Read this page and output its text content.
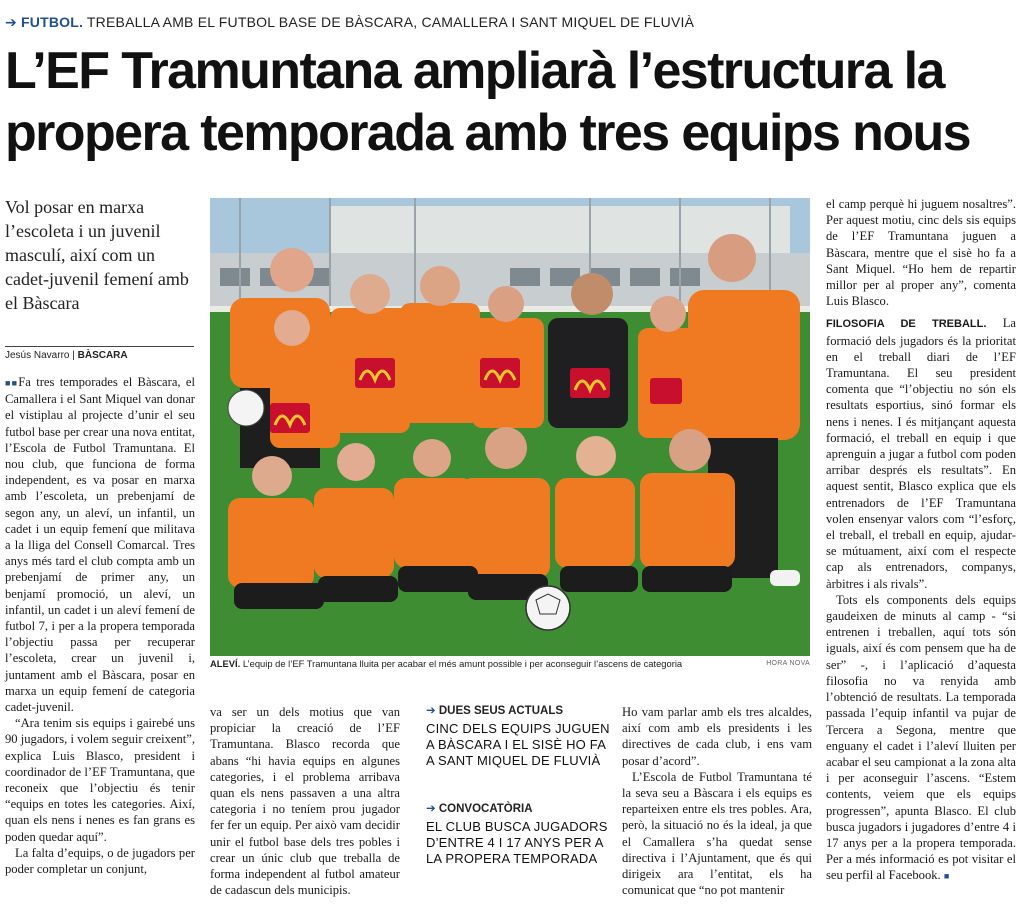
➔ FUTBOL. TREBALLA AMB EL FUTBOL BASE DE BÀSCARA, CAMALLERA I SANT MIQUEL DE FLUVIÀ
L’EF Tramuntana ampliarà l’estructura la propera temporada amb tres equips nous
Vol posar en marxa l’escoleta i un juvenil masculí, així com un cadet-juvenil femení amb el Bàscara
Jesús Navarro | BÀSCARA

■■Fa tres temporades el Bàscara, el Camallera i el Sant Miquel van donar el vistiplau al projecte d’unir el seu futbol base per crear una nova entitat, l’Escola de Futbol Tramuntana. El nou club, que funciona de forma independent, es va posar en marxa amb l’escoleta, un prebenjamí de segon any, un aleví, un infantil, un cadet i un equip femení que militava a la lliga del Consell Comarcal. Tres anys més tard el club compta amb un prebenjamí de primer any, un benjamí promoció, un aleví, un infantil, un cadet i un aleví femení de futbol 7, i per a la propera temporada l’objectiu passa per recuperar l’escoleta, crear un juvenil i, juntament amb el Bàscara, posar en marxa un equip femení de categoria cadet-juvenil.

“Ara tenim sis equips i gairebé uns 90 jugadors, i volem seguir creixent”, explica Luis Blasco, president i coordinador de l’EF Tramuntana, que reconeix que l’objectiu és tenir “equips en totes les categories. Així, quan els nens i nenes es fan grans es poden quedar aquí”.

La falta d’equips, o de jugadors per poder completar un conjunt,

ALEVÍ. L’equip de l’EF Tramuntana lluita per acabar el més amunt possible i per aconseguir l’ascens de categoria	HORA NOVA

va ser un dels motius que van propiciar la creació de l’EF Tramuntana. Blasco recorda que abans “hi havia equips en algunes categories, i el problema arribava quan els nens passaven a una altra categoria i no teníem prou jugador fer fer un equip. Per això vam decidir unir el futbol base dels tres pobles i crear un únic club que treballa de forma independent al futbol amateur de cadascun dels municipis.

➔ DUES SEUS ACTUALS
CINC DELS EQUIPS JUGUEN A BÀSCARA I EL SISÈ HO FA A SANT MIQUEL DE FLUVIÀ
➔ CONVOCATÒRIA
EL CLUB BUSCA JUGADORS D’ENTRE 4 I 17 ANYS PER A LA PROPERA TEMPORADA

Ho vam parlar amb els tres alcaldes, així com amb els presidents i les directives de cada club, i ens vam posar d’acord”.

L’Escola de Futbol Tramuntana té la seva seu a Bàscara i els equips es reparteixen entre els tres pobles. Ara, però, la situació no és la ideal, ja que el Camallera s’ha quedat sense directiva i l’Ajuntament, que és qui dirigeix ara l’entitat, els ha comunicat que “no pot mantenir

el camp perquè hi juguem nosaltres”. Per aquest motiu, cinc dels sis equips de l’EF Tramuntana juguen a Bàscara, mentre que el sisè ho fa a Sant Miquel. “Ho hem de repartir millor per al proper any”, comenta Luis Blasco.

FILOSOFIA DE TREBALL. La formació dels jugadors és la prioritat en el treball diari de l’EF Tramuntana. El seu president comenta que “l’objectiu no són els resultats esportius, sinó formar els nens i nenes. I és mitjançant aquesta formació, el treball en equip i que aprenguin a jugar a futbol com poden arribar després els resultats”. En aquest sentit, Blasco explica que els entrenadors de l’EF Tramuntana volen ensenyar valors com “l’esforç, el treball, el treball en equip, ajudar-se mútuament, així com el respecte cap als entrenadors, companys, àrbitres i als rivals”.

Tots els components dels equips gaudeixen de minuts al camp - “si entrenen i treballen, aquí tots són iguals, així és com pensem que ha de ser” -, i l’aplicació d’aquesta filosofia no va renyida amb l’obtenció de resultats. La temporada passada l’equip infantil va pujar de Tercera a Segona, mentre que enguany el cadet i l’aleví lluiten per acabar el seu campionat a la zona alta i per aconseguir l’ascens. “Estem contents, veiem que els equips progressen”, apunta Blasco. El club busca jugadors i jugadores d’entre 4 i 17 anys per a la propera temporada. Per a més informació es pot visitar el seu perfil al Facebook. ■
